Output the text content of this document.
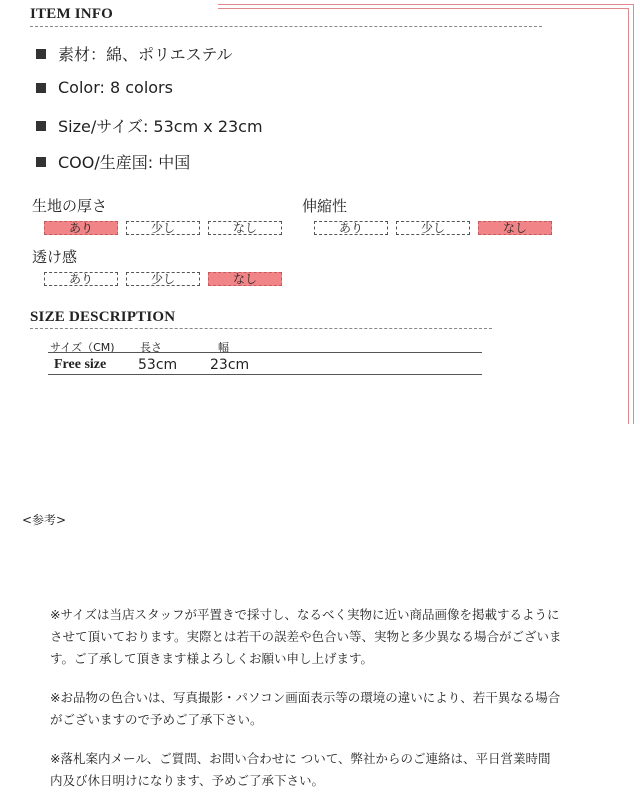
ITEM INFO
素材：綿、ポリエステル
Color: 8 colors
Size/サイズ: 53cm x 23cm
COO/生産国: 中国
生地の厚さ
あり	少し	なし
伸縮性
あり	少し	なし
透け感
あり	少し	なし
SIZE DESCRIPTION
サイズ（CM) 長さ	幅
Free size 53cm 23cm
<参考>
※サイズは当店スタッフが平置きで採寸し、なるべく実物に近い商品画像を掲載するようにさせて頂いております。実際とは若干の誤差や色合い等、実物と多少異なる場合がございます。ご了承して頂きます様よろしくお願い申し上げます。
※お品物の色合いは、写真撮影・パソコン画面表示等の環境の違いにより、若干異なる場合がございますので予めご了承下さい。
※落札案内メール、ご質問、お問い合わせに ついて、弊社からのご連絡は、平日営業時間内及び休日明けになります、予めご了承下さい。
